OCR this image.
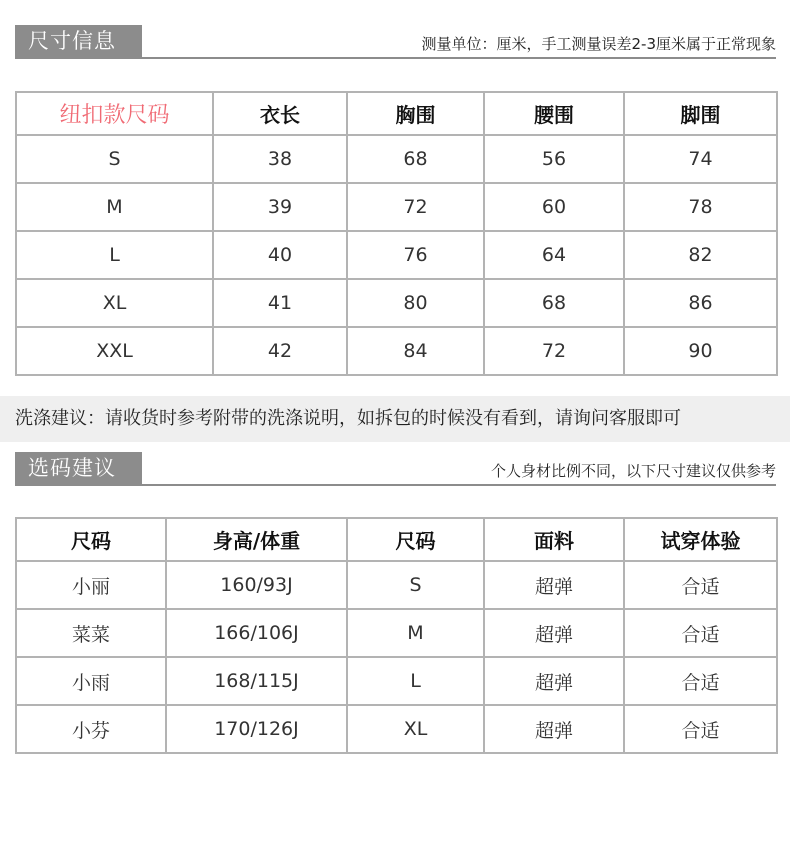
尺寸信息	测量单位：厘米，手工测量误差2-3厘米属于正常现象
纽扣款尺码	衣长	胸围	腰围	脚围
S	38	68	56	74
M	39	72	60	78
L	40	76	64	82
XL	41	80	68	86
XXL	42	84	72	90
洗涤建议：请收货时参考附带的洗涤说明，如拆包的时候没有看到，请询问客服即可
选码建议	个人身材比例不同，以下尺寸建议仅供参考
尺码	身高/体重	尺码	面料	试穿体验
小丽	160/93J	S	超弹	合适
菜菜	166/106J	M	超弹	合适
小雨	168/115J	L	超弹	合适
小芬	170/126J	XL	超弹	合适
